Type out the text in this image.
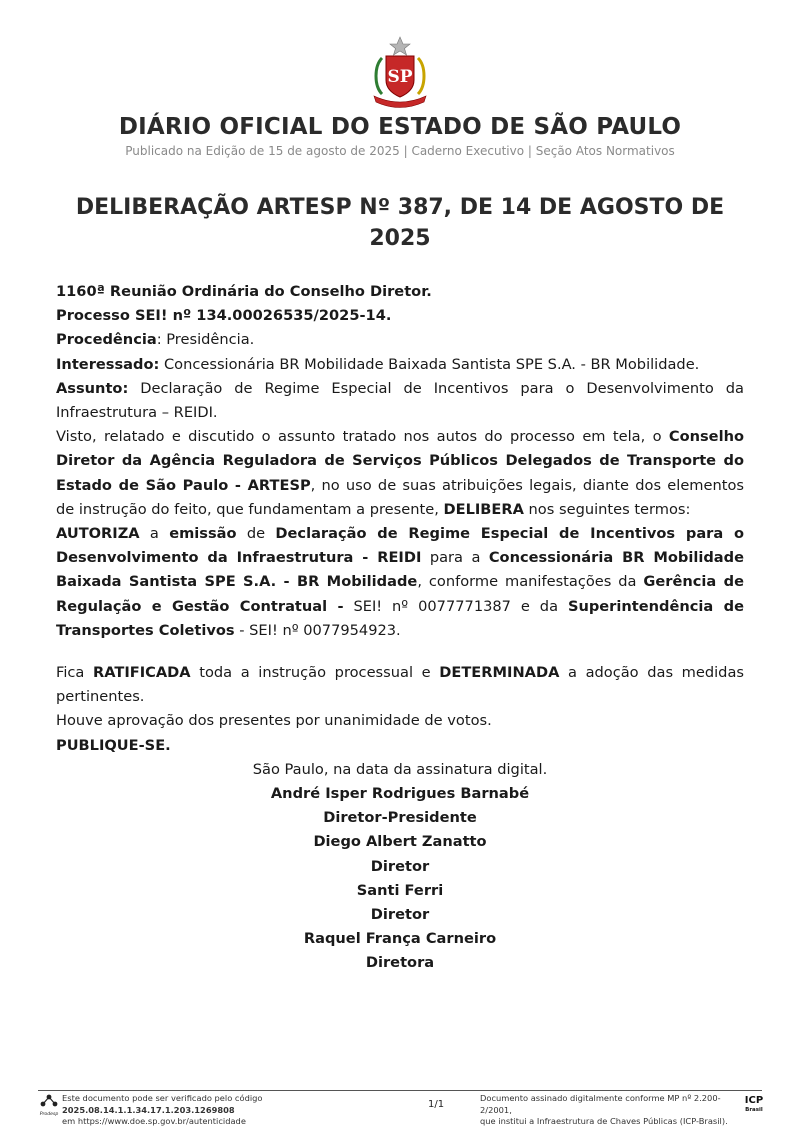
SP
DIÁRIO OFICIAL DO ESTADO DE SÃO PAULO
Publicado na Edição de 15 de agosto de 2025 | Caderno Executivo | Seção Atos Normativos
DELIBERAÇÃO ARTESP Nº 387, DE 14 DE AGOSTO DE 2025

1160ª Reunião Ordinária do Conselho Diretor.

Processo SEI! nº 134.00026535/2025-14.

Procedência: Presidência.

Interessado: Concessionária BR Mobilidade Baixada Santista SPE S.A. - BR Mobilidade.

Assunto: Declaração de Regime Especial de Incentivos para o Desenvolvimento da Infraestrutura – REIDI.

Visto, relatado e discutido o assunto tratado nos autos do processo em tela, o Conselho Diretor da Agência Reguladora de Serviços Públicos Delegados de Transporte do Estado de São Paulo - ARTESP, no uso de suas atribuições legais, diante dos elementos de instrução do feito, que fundamentam a presente, DELIBERA nos seguintes termos:

AUTORIZA a emissão de Declaração de Regime Especial de Incentivos para o Desenvolvimento da Infraestrutura - REIDI para a Concessionária BR Mobilidade Baixada Santista SPE S.A. - BR Mobilidade, conforme manifestações da Gerência de Regulação e Gestão Contratual - SEI! nº 0077771387 e da Superintendência de Transportes Coletivos - SEI! nº 0077954923.

Fica RATIFICADA toda a instrução processual e DETERMINADA a adoção das medidas pertinentes.

Houve aprovação dos presentes por unanimidade de votos.

PUBLIQUE-SE.

São Paulo, na data da assinatura digital.

André Isper Rodrigues Barnabé

Diretor-Presidente

Diego Albert Zanatto

Diretor

Santi Ferri

Diretor

Raquel França Carneiro

Diretora

Prodesp
Este documento pode ser verificado pelo código 2025.08.14.1.1.34.17.1.203.1269808
em https://www.doe.sp.gov.br/autenticidade
1/1
Documento assinado digitalmente conforme MP nº 2.200-2/2001,
que institui a Infraestrutura de Chaves Públicas (ICP-Brasil).
ICP
Brasil
